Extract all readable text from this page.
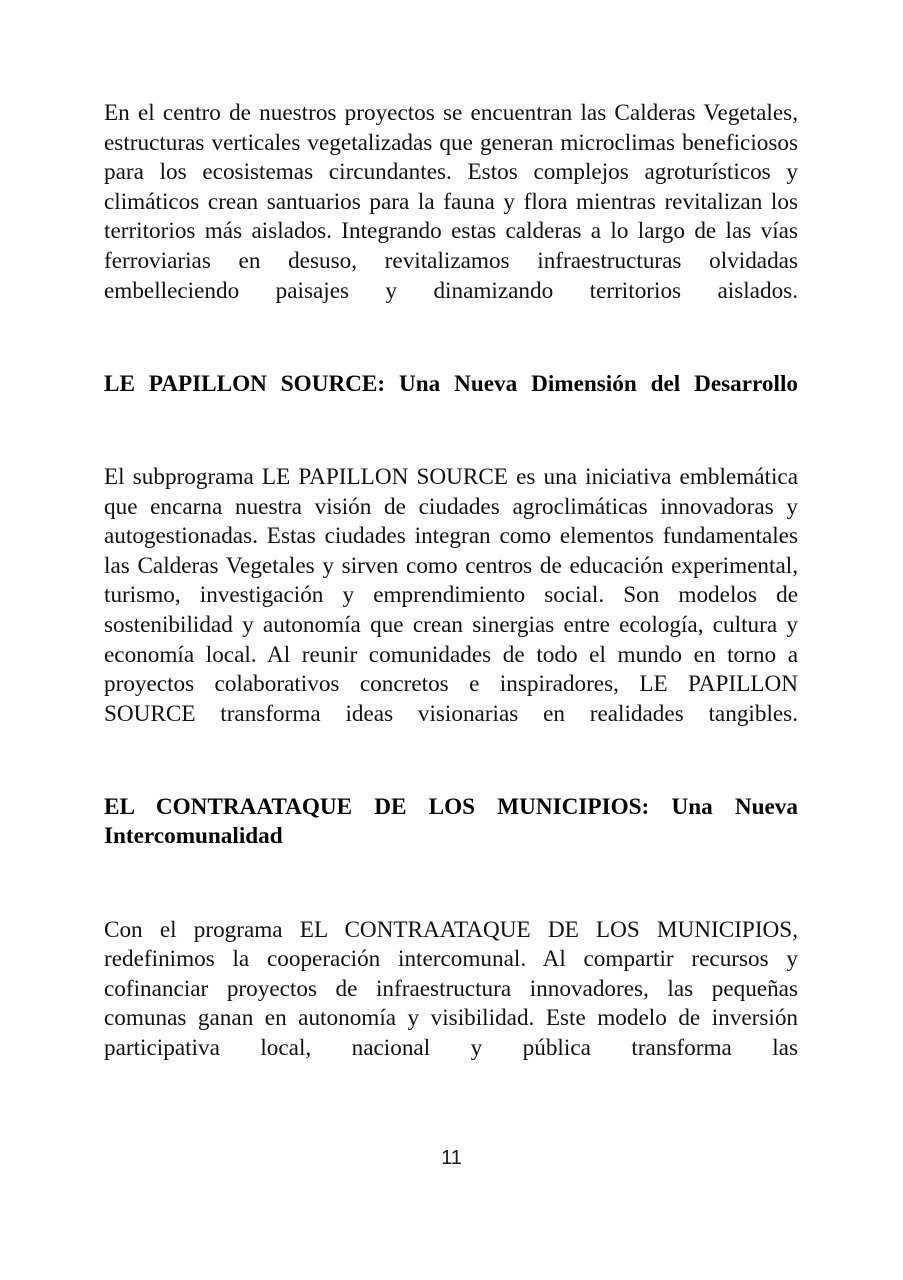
En el centro de nuestros proyectos se encuentran las Calderas Vegetales, estructuras verticales vegetalizadas que generan microclimas beneficiosos para los ecosistemas circundantes. Estos complejos agroturísticos y climáticos crean santuarios para la fauna y flora mientras revitalizan los territorios más aislados. Integrando estas calderas a lo largo de las vías ferroviarias en desuso, revitalizamos infraestructuras olvidadas embelleciendo paisajes y dinamizando territorios aislados.

LE PAPILLON SOURCE: Una Nueva Dimensión del Desarrollo

El subprograma LE PAPILLON SOURCE es una iniciativa emblemática que encarna nuestra visión de ciudades agroclimáticas innovadoras y autogestionadas. Estas ciudades integran como elementos fundamentales las Calderas Vegetales y sirven como centros de educación experimental, turismo, investigación y emprendimiento social. Son modelos de sostenibilidad y autonomía que crean sinergias entre ecología, cultura y economía local. Al reunir comunidades de todo el mundo en torno a proyectos colaborativos concretos e inspiradores, LE PAPILLON SOURCE transforma ideas visionarias en realidades tangibles.

EL CONTRAATAQUE DE LOS MUNICIPIOS: Una Nueva Intercomunalidad

Con el programa EL CONTRAATAQUE DE LOS MUNICIPIOS, redefinimos la cooperación intercomunal. Al compartir recursos y cofinanciar proyectos de infraestructura innovadores, las pequeñas comunas ganan en autonomía y visibilidad. Este modelo de inversión participativa local, nacional y pública transforma las

11
